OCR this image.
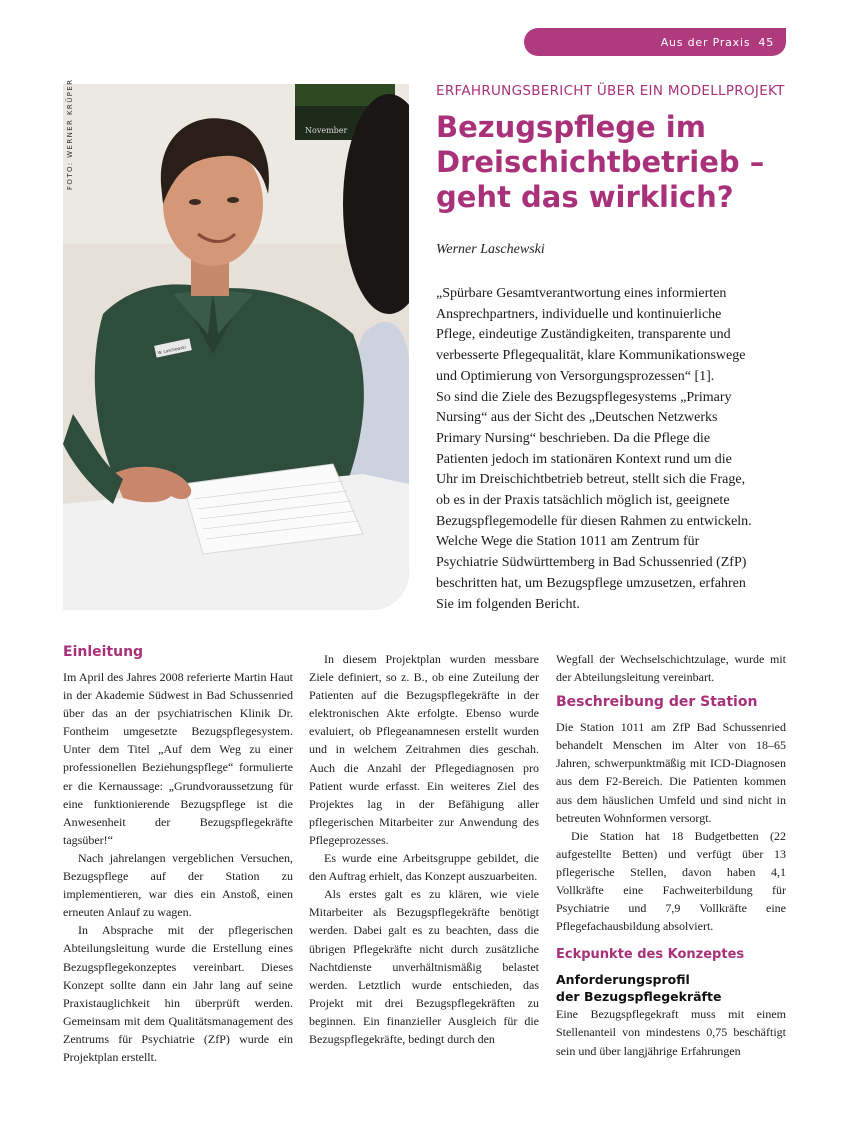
Aus der Praxis 45
November
W. Laschewski
FOTO: WERNER KRÜPER	ERFAHRUNGSBERICHT ÜBER EIN MODELLPROJEKT
Bezugspflege im
Dreischichtbetrieb –
geht das wirklich?
Werner Laschewski

„Spürbare Gesamtverantwortung eines informierten

Ansprechpartners, individuelle und kontinuierliche

Pflege, eindeutige Zuständigkeiten, transparente und

verbesserte Pflegequalität, klare Kommunikationswege

und Optimierung von Versorgungsprozessen“ [1].

So sind die Ziele des Bezugspflegesystems „Primary

Nursing“ aus der Sicht des „Deutschen Netzwerks

Primary Nursing“ beschrieben. Da die Pflege die

Patienten jedoch im stationären Kontext rund um die

Uhr im Dreischichtbetrieb betreut, stellt sich die Frage,

ob es in der Praxis tatsächlich möglich ist, geeignete

Bezugspflegemodelle für diesen Rahmen zu entwickeln.

Welche Wege die Station 1011 am Zentrum für

Psychiatrie Südwürttemberg in Bad Schussenried (ZfP)

beschritten hat, um Bezugspflege umzusetzen, erfahren

Sie im folgenden Bericht.

Einleitung

Im April des Jahres 2008 referierte Martin Haut in der Akademie Südwest in Bad Schussenried über das an der psychiatrischen Klinik Dr. Fontheim umgesetzte Bezugspflegesystem. Unter dem Titel „Auf dem Weg zu einer professionellen Beziehungspflege“ formulierte er die Kernaussage: „Grundvoraussetzung für eine funktionierende Bezugspflege ist die Anwesenheit der Bezugspflegekräfte tagsüber!“

Nach jahrelangen vergeblichen Versuchen, Bezugspflege auf der Station zu implementieren, war dies ein Anstoß, einen erneuten Anlauf zu wagen.

In Absprache mit der pflegerischen Abteilungsleitung wurde die Erstellung eines Bezugspflegekonzeptes vereinbart. Dieses Konzept sollte dann ein Jahr lang auf seine Praxistauglichkeit hin überprüft werden. Gemeinsam mit dem Qualitätsmanagement des Zentrums für Psychiatrie (ZfP) wurde ein Projektplan erstellt.

In diesem Projektplan wurden messbare Ziele definiert, so z. B., ob eine Zuteilung der Patienten auf die Bezugspflegekräfte in der elektronischen Akte erfolgte. Ebenso wurde evaluiert, ob Pflegeanamnesen erstellt wurden und in welchem Zeitrahmen dies geschah. Auch die Anzahl der Pflegediagnosen pro Patient wurde erfasst. Ein weiteres Ziel des Projektes lag in der Befähigung aller pflegerischen Mitarbeiter zur Anwendung des Pflegeprozesses.

Es wurde eine Arbeitsgruppe gebildet, die den Auftrag erhielt, das Konzept auszuarbeiten.

Als erstes galt es zu klären, wie viele Mitarbeiter als Bezugspflegekräfte benötigt werden. Dabei galt es zu beachten, dass die übrigen Pflegekräfte nicht durch zusätzliche Nachtdienste unverhältnismäßig belastet werden. Letztlich wurde entschieden, das Projekt mit drei Bezugspflegekräften zu beginnen. Ein finanzieller Ausgleich für die Bezugspflegekräfte, bedingt durch den

Wegfall der Wechselschichtzulage, wurde mit der Abteilungsleitung vereinbart.

Beschreibung der Station

Die Station 1011 am ZfP Bad Schussenried behandelt Menschen im Alter von 18–65 Jahren, schwerpunktmäßig mit ICD-Diagnosen aus dem F2-Bereich. Die Patienten kommen aus dem häuslichen Umfeld und sind nicht in betreuten Wohnformen versorgt.

Die Station hat 18 Budgetbetten (22 aufgestellte Betten) und verfügt über 13 pflegerische Stellen, davon haben 4,1 Vollkräfte eine Fachweiterbildung für Psychiatrie und 7,9 Vollkräfte eine Pflegefachausbildung absolviert.

Eckpunkte des Konzeptes
Anforderungsprofil
der Bezugspflegekräfte

Eine Bezugspflegekraft muss mit einem Stellenanteil von mindestens 0,75 beschäftigt sein und über langjährige Erfahrungen
